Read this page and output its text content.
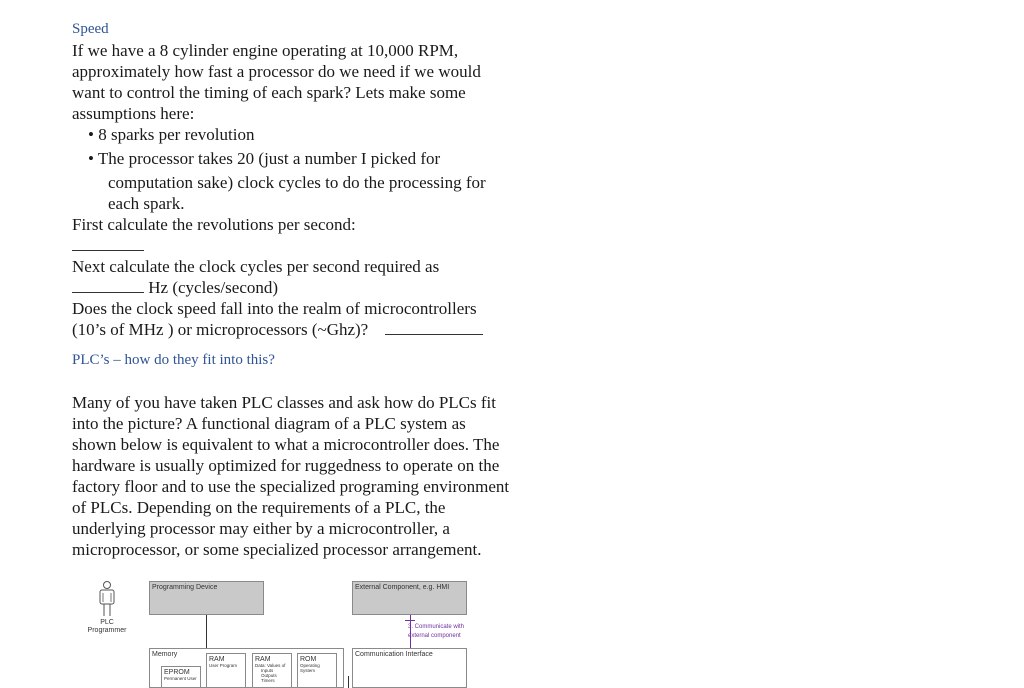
Speed
If we have a 8 cylinder engine operating at 10,000 RPM,
approximately how fast a processor do we need if we would
want to control the timing of each spark? Lets make some
assumptions here:
• 8 sparks per revolution
• The processor takes 20 (just a number I picked for
computation sake) clock cycles to do the processing for
each spark.
First calculate the revolutions per second:
Next calculate the clock cycles per second required as
Hz (cycles/second)
Does the clock speed fall into the realm of microcontrollers
(10’s of MHz ) or microprocessors (~Ghz)?
PLC’s – how do they fit into this?
Many of you have taken PLC classes and ask how do PLCs fit
into the picture? A functional diagram of a PLC system as
shown below is equivalent to what a microcontroller does. The
hardware is usually optimized for ruggedness to operate on the
factory floor and to use the specialized programing environment
of PLCs. Depending on the requirements of a PLC, the
underlying processor may either by a microcontroller, a
microprocessor, or some specialized processor arrangement.
PLC
Programmer
Programming Device	External Component, e.g. HMI
3. Communicate with
external component
Memory
RAM
User Program
RAM
Data: Values of
Inputs
Outputs
Timers
ROM
Operating
System
EPROM
Permanent User
Communication Interface
